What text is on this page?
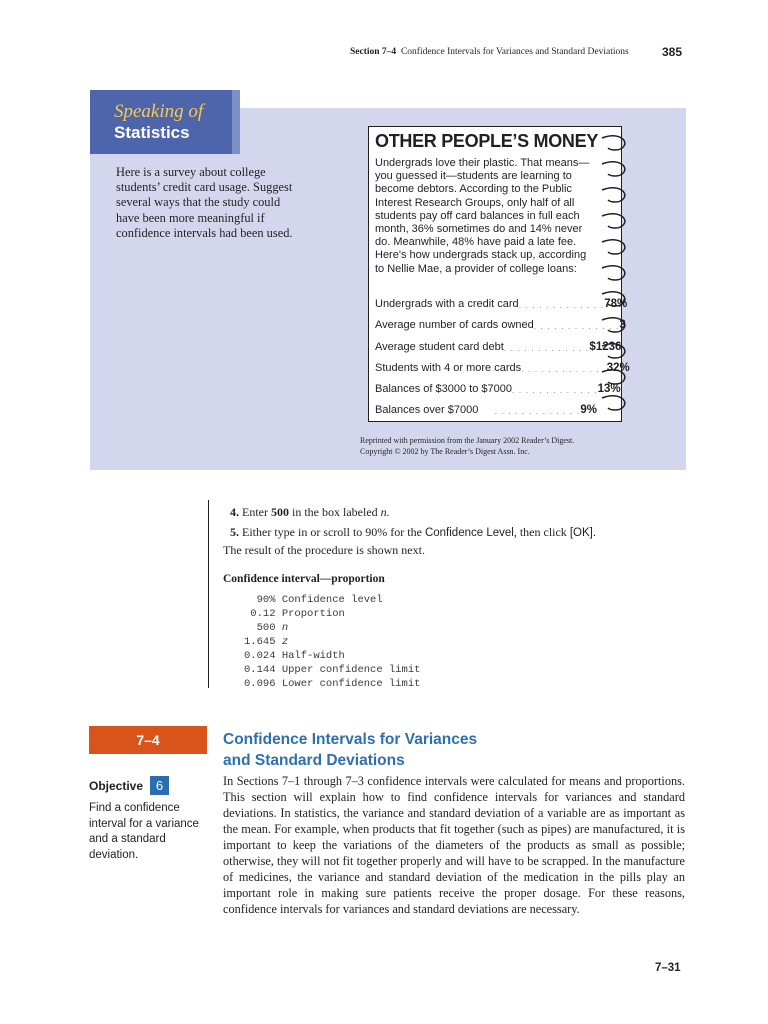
Section 7–4 Confidence Intervals for Variances and Standard Deviations	385
Speaking of
Statistics
Here is a survey about college students’ credit card usage. Suggest several ways that the study could have been more meaningful if confidence intervals had been used.
OTHER PEOPLE’S MONEY
Undergrads love their plastic. That means—you guessed it—students are learning to become debtors. According to the Public Interest Research Groups, only half of all students pay off card balances in full each month, 36% sometimes do and 14% never do. Meanwhile, 48% have paid a late fee. Here's how undergrads stack up, according to Nellie Mae, a provider of college loans:
Undergrads with a credit card . . . . . . . . . . . . . 78%
Average number of cards owned . . . . . . . . . . . . . 3
Average student card debt . . . . . . . . . . . . . $1236
Students with 4 or more cards . . . . . . . . . . . . . 32%
Balances of $3000 to $7000 . . . . . . . . . . . . . 13%
Balances over $7000	. . . . . . . . . . . . . 9%
Reprinted with permission from the January 2002 Reader’s Digest.
Copyright © 2002 by The Reader’s Digest Assn. Inc.
4. Enter 500 in the box labeled n.
5. Either type in or scroll to 90% for the Confidence Level, then click [OK].
The result of the procedure is shown next.
Confidence interval—proportion
90% Confidence level
0.12 Proportion
500 n
1.645 z
0.024 Half-width
0.144 Upper confidence limit
0.096 Lower confidence limit
7–4	Confidence Intervals for Variances
and Standard Deviations
Objective 6
Find a confidence interval for a variance and a standard deviation.
In Sections 7–1 through 7–3 confidence intervals were calculated for means and proportions. This section will explain how to find confidence intervals for variances and standard deviations. In statistics, the variance and standard deviation of a variable are as important as the mean. For example, when products that fit together (such as pipes) are manufactured, it is important to keep the variations of the diameters of the products as small as possible; otherwise, they will not fit together properly and will have to be scrapped. In the manufacture of medicines, the variance and standard deviation of the medication in the pills play an important role in making sure patients receive the proper dosage. For these reasons, confidence intervals for variances and standard deviations are necessary.
7–31
